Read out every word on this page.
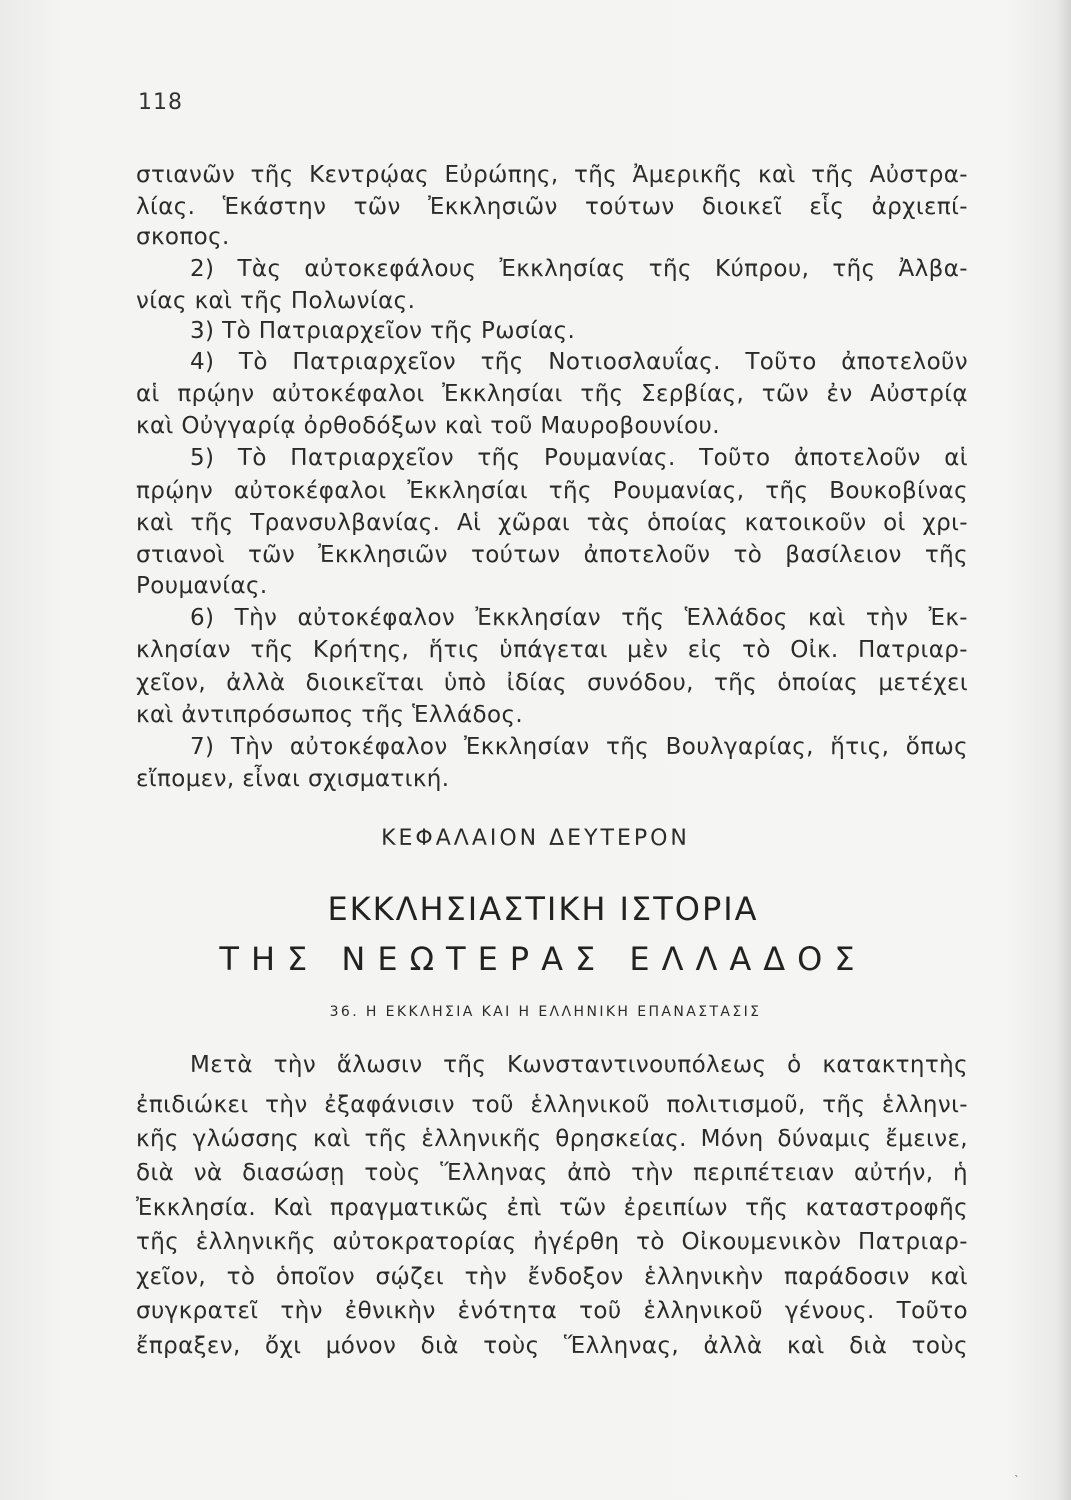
118
στιανῶν τῆς Κεντρῴας Εὐρώπης, τῆς Ἀμερικῆς καὶ τῆς Αὐστρα-
λίας. Ἑκάστην τῶν Ἐκκλησιῶν τούτων διοικεῖ εἷς ἀρχιεπί-
σκοπος.
2) Τὰς αὐτοκεφάλους Ἐκκλησίας τῆς Κύπρου, τῆς Ἀλβα-
νίας καὶ τῆς Πολωνίας.
3) Τὸ Πατριαρχεῖον τῆς Ρωσίας.
4) Τὸ Πατριαρχεῖον τῆς Νοτιοσλαυΐας. Τοῦτο ἀποτελοῦν
αἱ πρῴην αὐτοκέφαλοι Ἐκκλησίαι τῆς Σερβίας, τῶν ἐν Αὐστρίᾳ
καὶ Οὐγγαρίᾳ ὀρθοδόξων καὶ τοῦ Μαυροβουνίου.
5) Τὸ Πατριαρχεῖον τῆς Ρουμανίας. Τοῦτο ἀποτελοῦν αἱ
πρῴην αὐτοκέφαλοι Ἐκκλησίαι τῆς Ρουμανίας, τῆς Βουκοβίνας
καὶ τῆς Τρανσυλβανίας. Αἱ χῶραι τὰς ὁποίας κατοικοῦν οἱ χρι-
στιανοὶ τῶν Ἐκκλησιῶν τούτων ἀποτελοῦν τὸ βασίλειον τῆς
Ρουμανίας.
6) Τὴν αὐτοκέφαλον Ἐκκλησίαν τῆς Ἑλλάδος καὶ τὴν Ἐκ-
κλησίαν τῆς Κρήτης, ἥτις ὑπάγεται μὲν εἰς τὸ Οἰκ. Πατριαρ-
χεῖον, ἀλλὰ διοικεῖται ὑπὸ ἰδίας συνόδου, τῆς ὁποίας μετέχει
καὶ ἀντιπρόσωπος τῆς Ἑλλάδος.
7) Τὴν αὐτοκέφαλον Ἐκκλησίαν τῆς Βουλγαρίας, ἥτις, ὅπως
εἴπομεν, εἶναι σχισματική.
ΚΕΦΑΛΑΙΟΝ ΔΕΥΤΕΡΟΝ
ΕΚΚΛΗΣΙΑΣΤΙΚΗ ΙΣΤΟΡΙΑ
ΤΗΣ ΝΕΩΤΕΡΑΣ ΕΛΛΑΔΟΣ
36. Η ΕΚΚΛΗΣΙΑ ΚΑΙ Η ΕΛΛΗΝΙΚΗ ΕΠΑΝΑΣΤΑΣΙΣ
Μετὰ τὴν ἅλωσιν τῆς Κωνσταντινουπόλεως ὁ κατακτητὴς
ἐπιδιώκει τὴν ἐξαφάνισιν τοῦ ἑλληνικοῦ πολιτισμοῦ, τῆς ἑλληνι-
κῆς γλώσσης καὶ τῆς ἑλληνικῆς θρησκείας. Μόνη δύναμις ἔμεινε,
διὰ νὰ διασώσῃ τοὺς Ἕλληνας ἀπὸ τὴν περιπέτειαν αὐτήν, ἡ
Ἐκκλησία. Καὶ πραγματικῶς ἐπὶ τῶν ἐρειπίων τῆς καταστροφῆς
τῆς ἑλληνικῆς αὐτοκρατορίας ἠγέρθη τὸ Οἰκουμενικὸν Πατριαρ-
χεῖον, τὸ ὁποῖον σῴζει τὴν ἔνδοξον ἑλληνικὴν παράδοσιν καὶ
συγκρατεῖ τὴν ἐθνικὴν ἑνότητα τοῦ ἑλληνικοῦ γένους. Τοῦτο
ἔπραξεν, ὄχι μόνον διὰ τοὺς Ἕλληνας, ἀλλὰ καὶ διὰ τοὺς
˴
